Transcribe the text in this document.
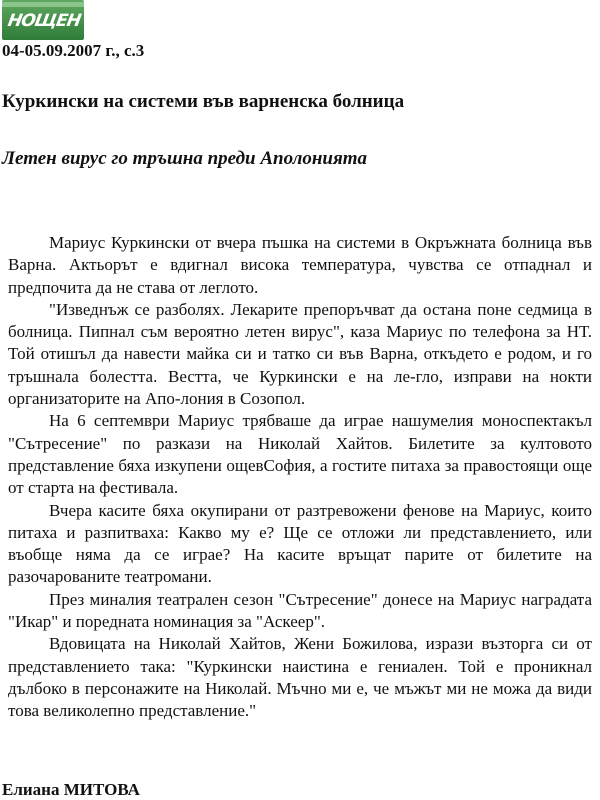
НОЩЕН
04-05.09.2007 г., с.3
Куркински на системи във варненска болница
Летен вирус го тръшна преди Аполонията

Мариус Куркински от вчера пъшка на системи в Окръжната болница във Варна. Актьорът е вдигнал висока температура, чувства се отпаднал и предпочита да не става от леглото.

"Изведнъж се разболях. Лекарите препоръчват да остана поне седмица в болница. Пипнал съм вероятно летен вирус", каза Мариус по телефона за НТ. Той отишъл да навести майка си и татко си във Варна, откъдето е родом, и го тръшнала болестта. Вестта, че Куркински е на ле-гло, изправи на нокти организаторите на Апо-лония в Созопол.

На 6 септември Мариус трябваше да играе нашумелия моноспектакъл "Сътресение" по разкази на Николай Хайтов. Билетите за култовото представление бяха изкупени ощевСофия, а гостите питаха за правостоящи още от старта на фестивала.

Вчера касите бяха окупирани от разтревожени фенове на Мариус, които питаха и разпитваха: Какво му е? Ще се отложи ли представлението, или въобще няма да се играе? На касите връщат парите от билетите на разочарованите театромани.

През миналия театрален сезон "Сътресение" донесе на Мариус наградата "Икар" и поредната номинация за "Аскеер".

Вдовицата на Николай Хайтов, Жени Божилова, изрази възторга си от представлението така: "Куркински наистина е гениален. Той е проникнал дълбоко в персонажите на Николай. Мъчно ми е, че мъжът ми не можа да види това великолепно представление."

Елиана МИТОВА
